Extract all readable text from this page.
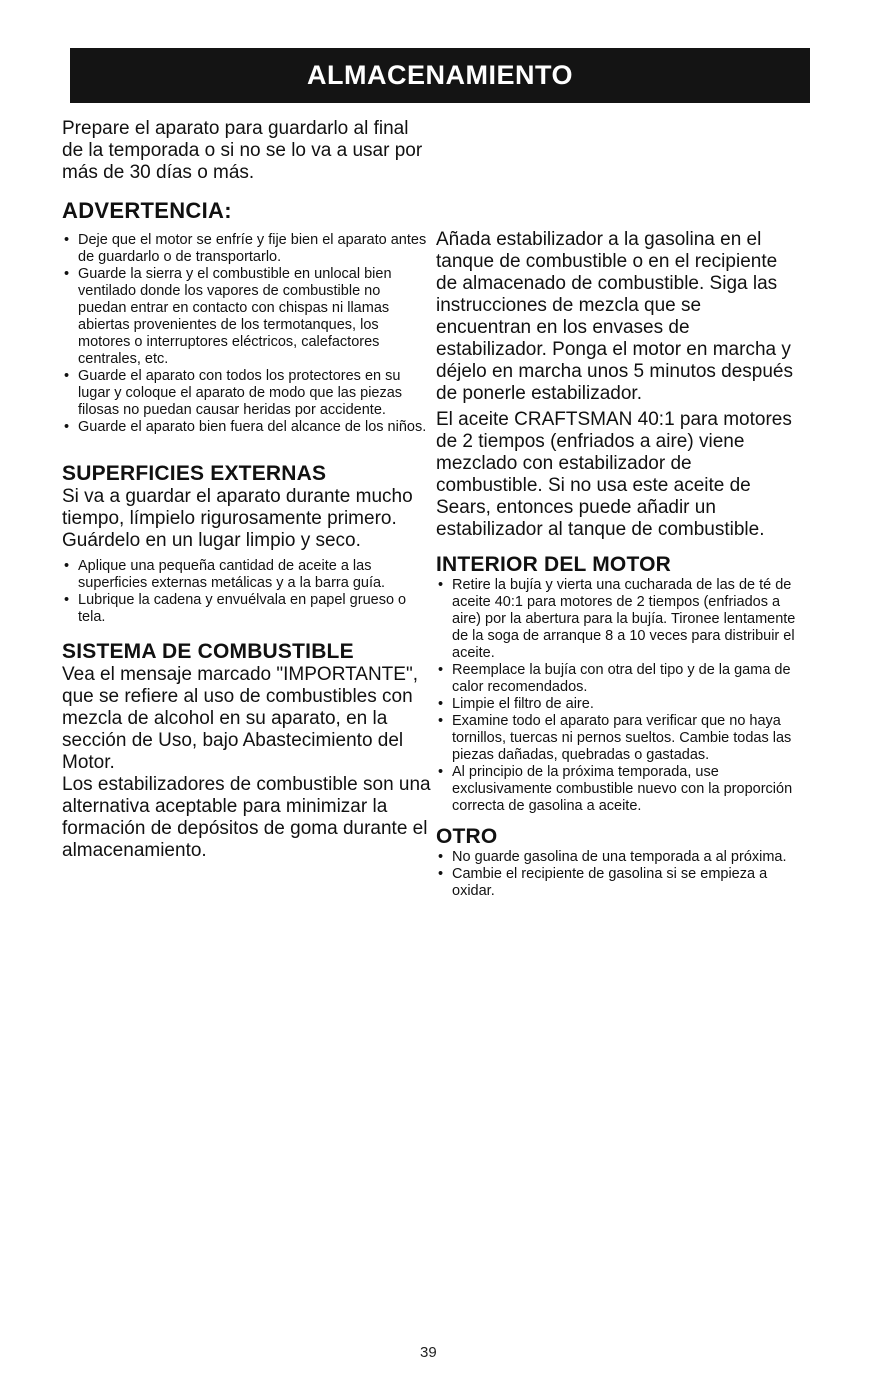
ALMACENAMIENTO

Prepare el aparato para guardarlo al final de la temporada o si no se lo va a usar por más de 30 días o más.

ADVERTENCIA:
• Deje que el motor se enfríe y fije bien el aparato antes de guardarlo o de transportarlo.
• Guarde la sierra y el combustible en unlocal bien ventilado donde los vapores de combustible no puedan entrar en contacto con chispas ni llamas abiertas provenientes de los termotanques, los motores o interruptores eléctricos, calefactores centrales, etc.
• Guarde el aparato con todos los protectores en su lugar y coloque el aparato de modo que las piezas filosas no puedan causar heridas por accidente.
• Guarde el aparato bien fuera del alcance de los niños.
SUPERFICIES EXTERNAS

Si va a guardar el aparato durante mucho tiempo, límpielo rigurosamente primero. Guárdelo en un lugar limpio y seco.

• Aplique una pequeña cantidad de aceite a las superficies externas metálicas y a la barra guía.
• Lubrique la cadena y envuélvala en papel grueso o tela.
SISTEMA DE COMBUSTIBLE

Vea el mensaje marcado "IMPORTANTE", que se refiere al uso de combustibles con mezcla de alcohol en su aparato, en la sección de Uso, bajo Abastecimiento del Motor.

Los estabilizadores de combustible son una alternativa aceptable para minimizar la formación de depósitos de goma durante el almacenamiento.

Añada estabilizador a la gasolina en el tanque de combustible o en el recipiente de almacenado de combustible. Siga las instrucciones de mezcla que se encuentran en los envases de estabilizador. Ponga el motor en marcha y déjelo en marcha unos 5 minutos después de ponerle estabilizador.

El aceite CRAFTSMAN 40:1 para motores de 2 tiempos (enfriados a aire) viene mezclado con estabilizador de combustible. Si no usa este aceite de Sears, entonces puede añadir un estabilizador al tanque de combustible.

INTERIOR DEL MOTOR
• Retire la bujía y vierta una cucharada de las de té de aceite 40:1 para motores de 2 tiempos (enfriados a aire) por la abertura para la bujía. Tironee lentamente de la soga de arranque 8 a 10 veces para distribuir el aceite.
• Reemplace la bujía con otra del tipo y de la gama de calor recomendados.
• Limpie el filtro de aire.
• Examine todo el aparato para verificar que no haya tornillos, tuercas ni pernos sueltos. Cambie todas las piezas dañadas, quebradas o gastadas.
• Al principio de la próxima temporada, use exclusivamente combustible nuevo con la proporción correcta de gasolina a aceite.
OTRO
• No guarde gasolina de una temporada a al próxima.
• Cambie el recipiente de gasolina si se empieza a oxidar.
39
